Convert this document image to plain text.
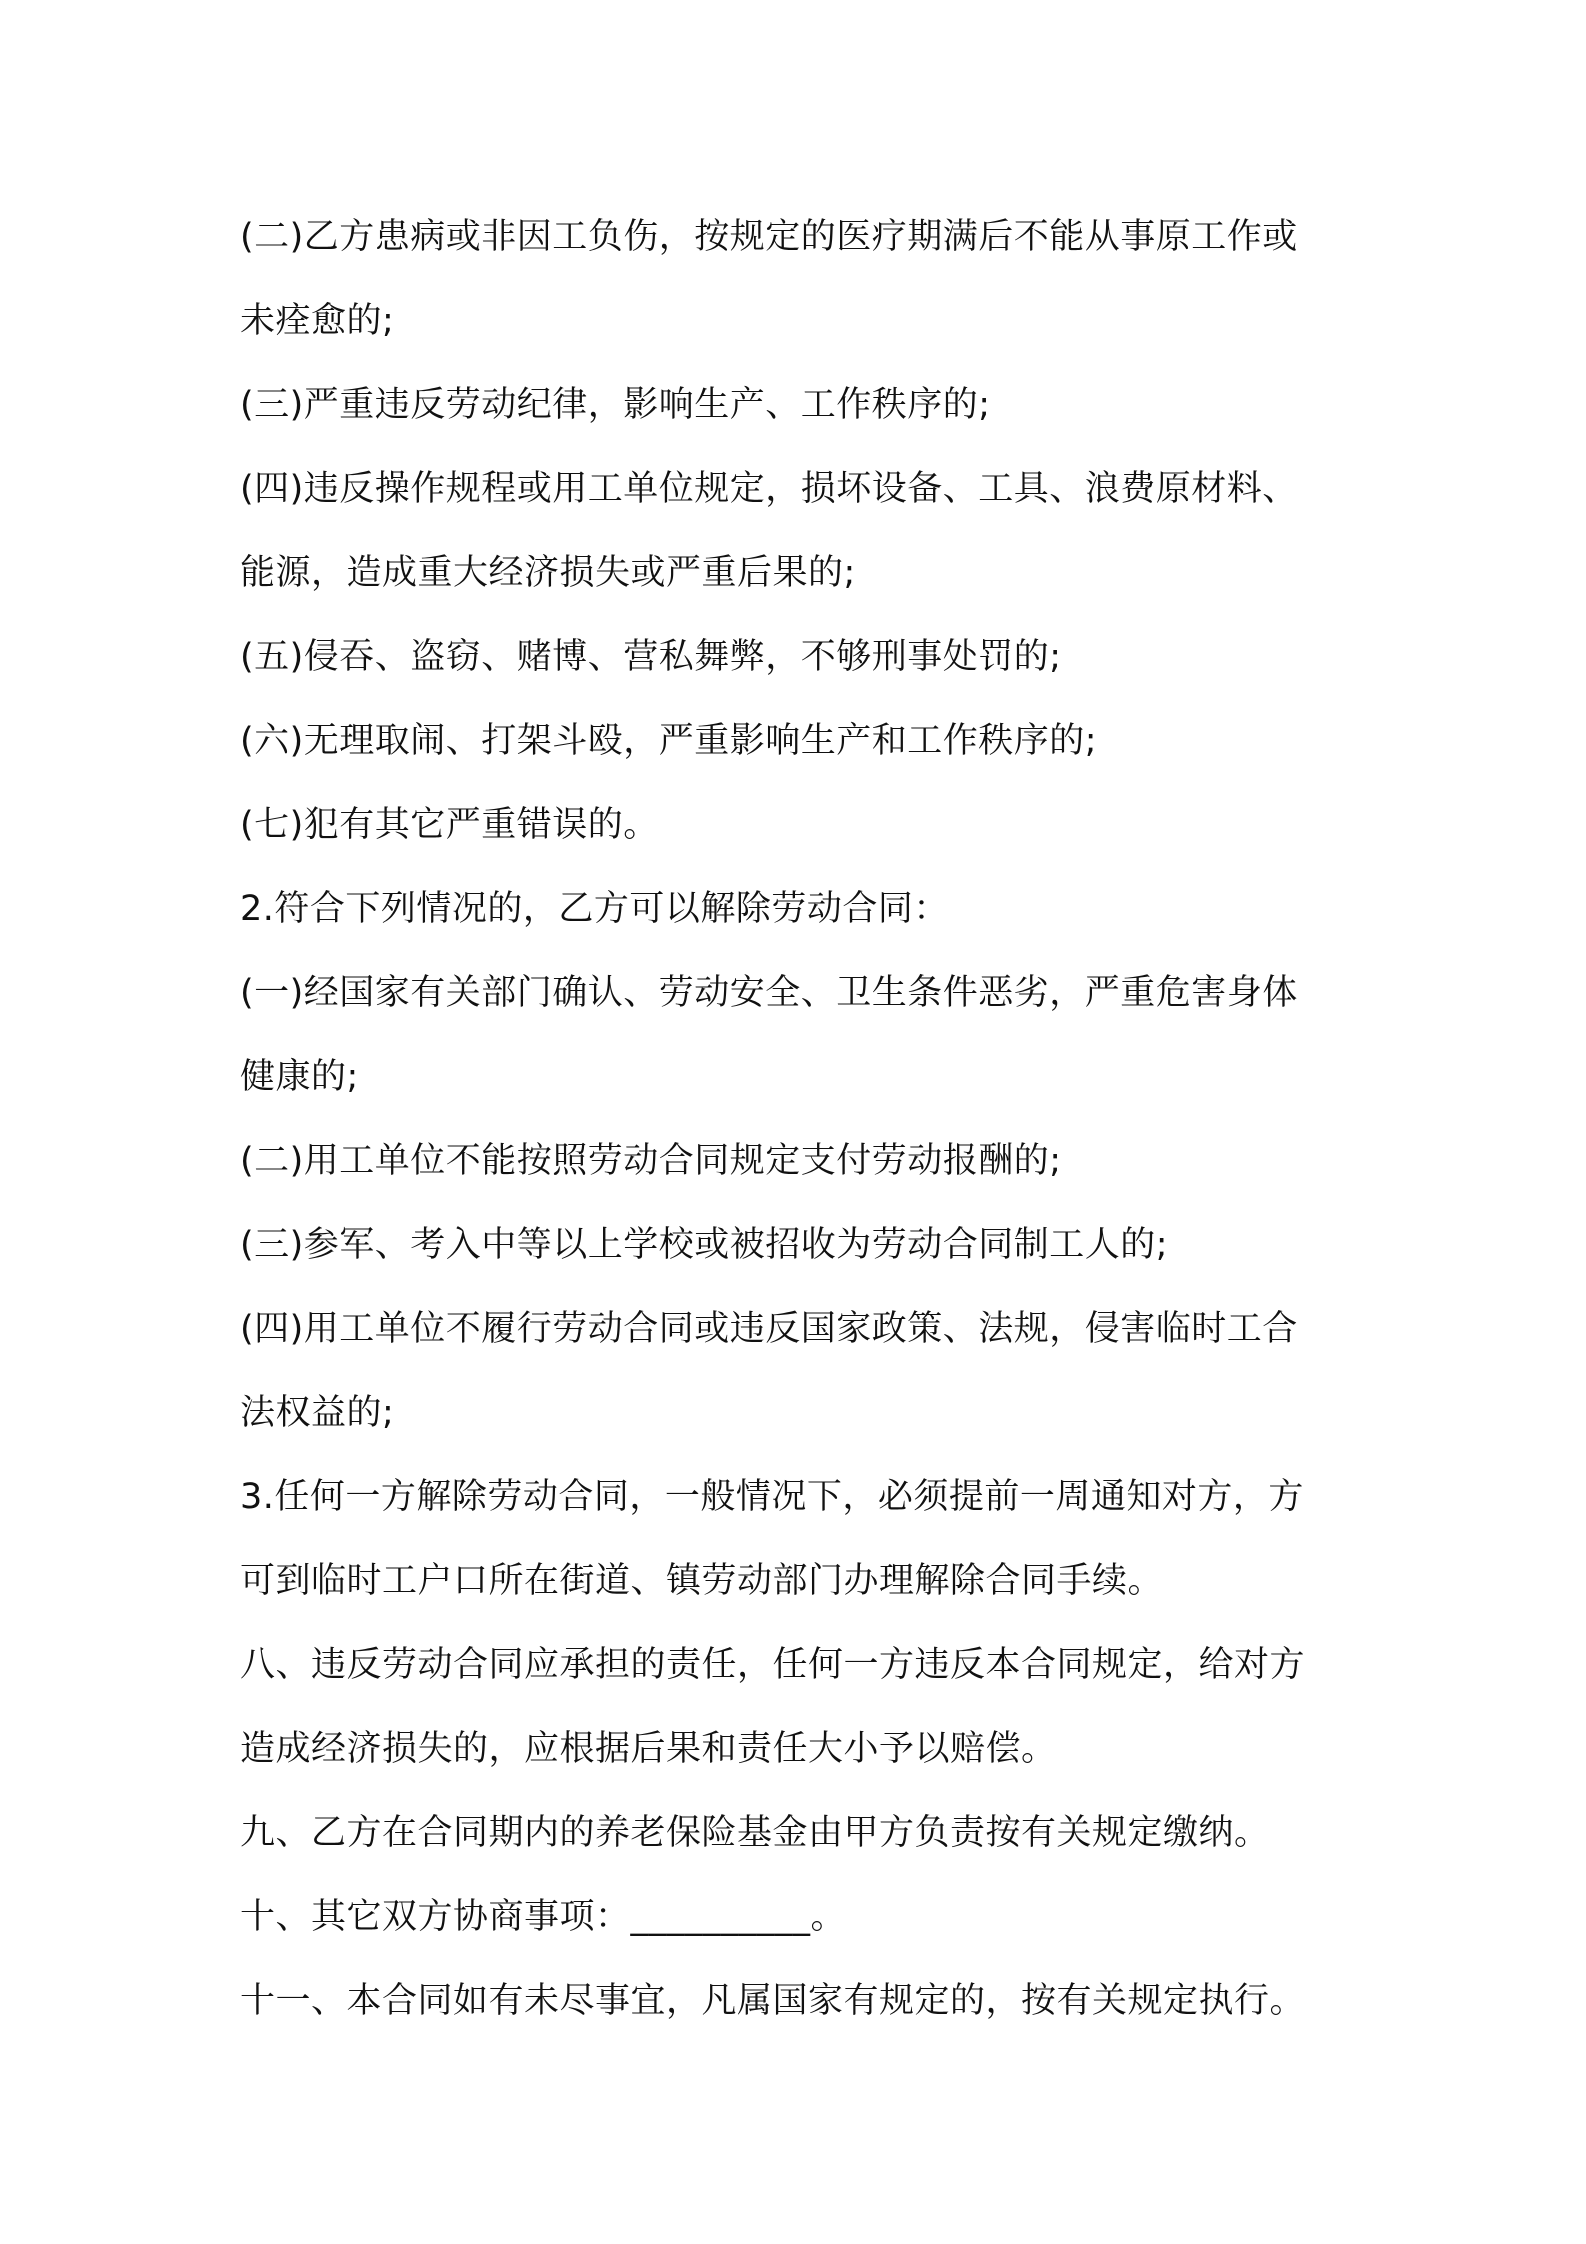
(二)乙方患病或非因工负伤，按规定的医疗期满后不能从事原工作或
未痊愈的;
(三)严重违反劳动纪律，影响生产、工作秩序的;
(四)违反操作规程或用工单位规定，损坏设备、工具、浪费原材料、
能源，造成重大经济损失或严重后果的;
(五)侵吞、盗窃、赌博、营私舞弊，不够刑事处罚的;
(六)无理取闹、打架斗殴，严重影响生产和工作秩序的;
(七)犯有其它严重错误的。
2.符合下列情况的，乙方可以解除劳动合同：
(一)经国家有关部门确认、劳动安全、卫生条件恶劣，严重危害身体
健康的;
(二)用工单位不能按照劳动合同规定支付劳动报酬的;
(三)参军、考入中等以上学校或被招收为劳动合同制工人的;
(四)用工单位不履行劳动合同或违反国家政策、法规，侵害临时工合
法权益的;
3.任何一方解除劳动合同，一般情况下，必须提前一周通知对方，方
可到临时工户口所在街道、镇劳动部门办理解除合同手续。
八、违反劳动合同应承担的责任，任何一方违反本合同规定，给对方
造成经济损失的，应根据后果和责任大小予以赔偿。
九、乙方在合同期内的养老保险基金由甲方负责按有关规定缴纳。
十、其它双方协商事项：__________。
十一、本合同如有未尽事宜，凡属国家有规定的，按有关规定执行。
